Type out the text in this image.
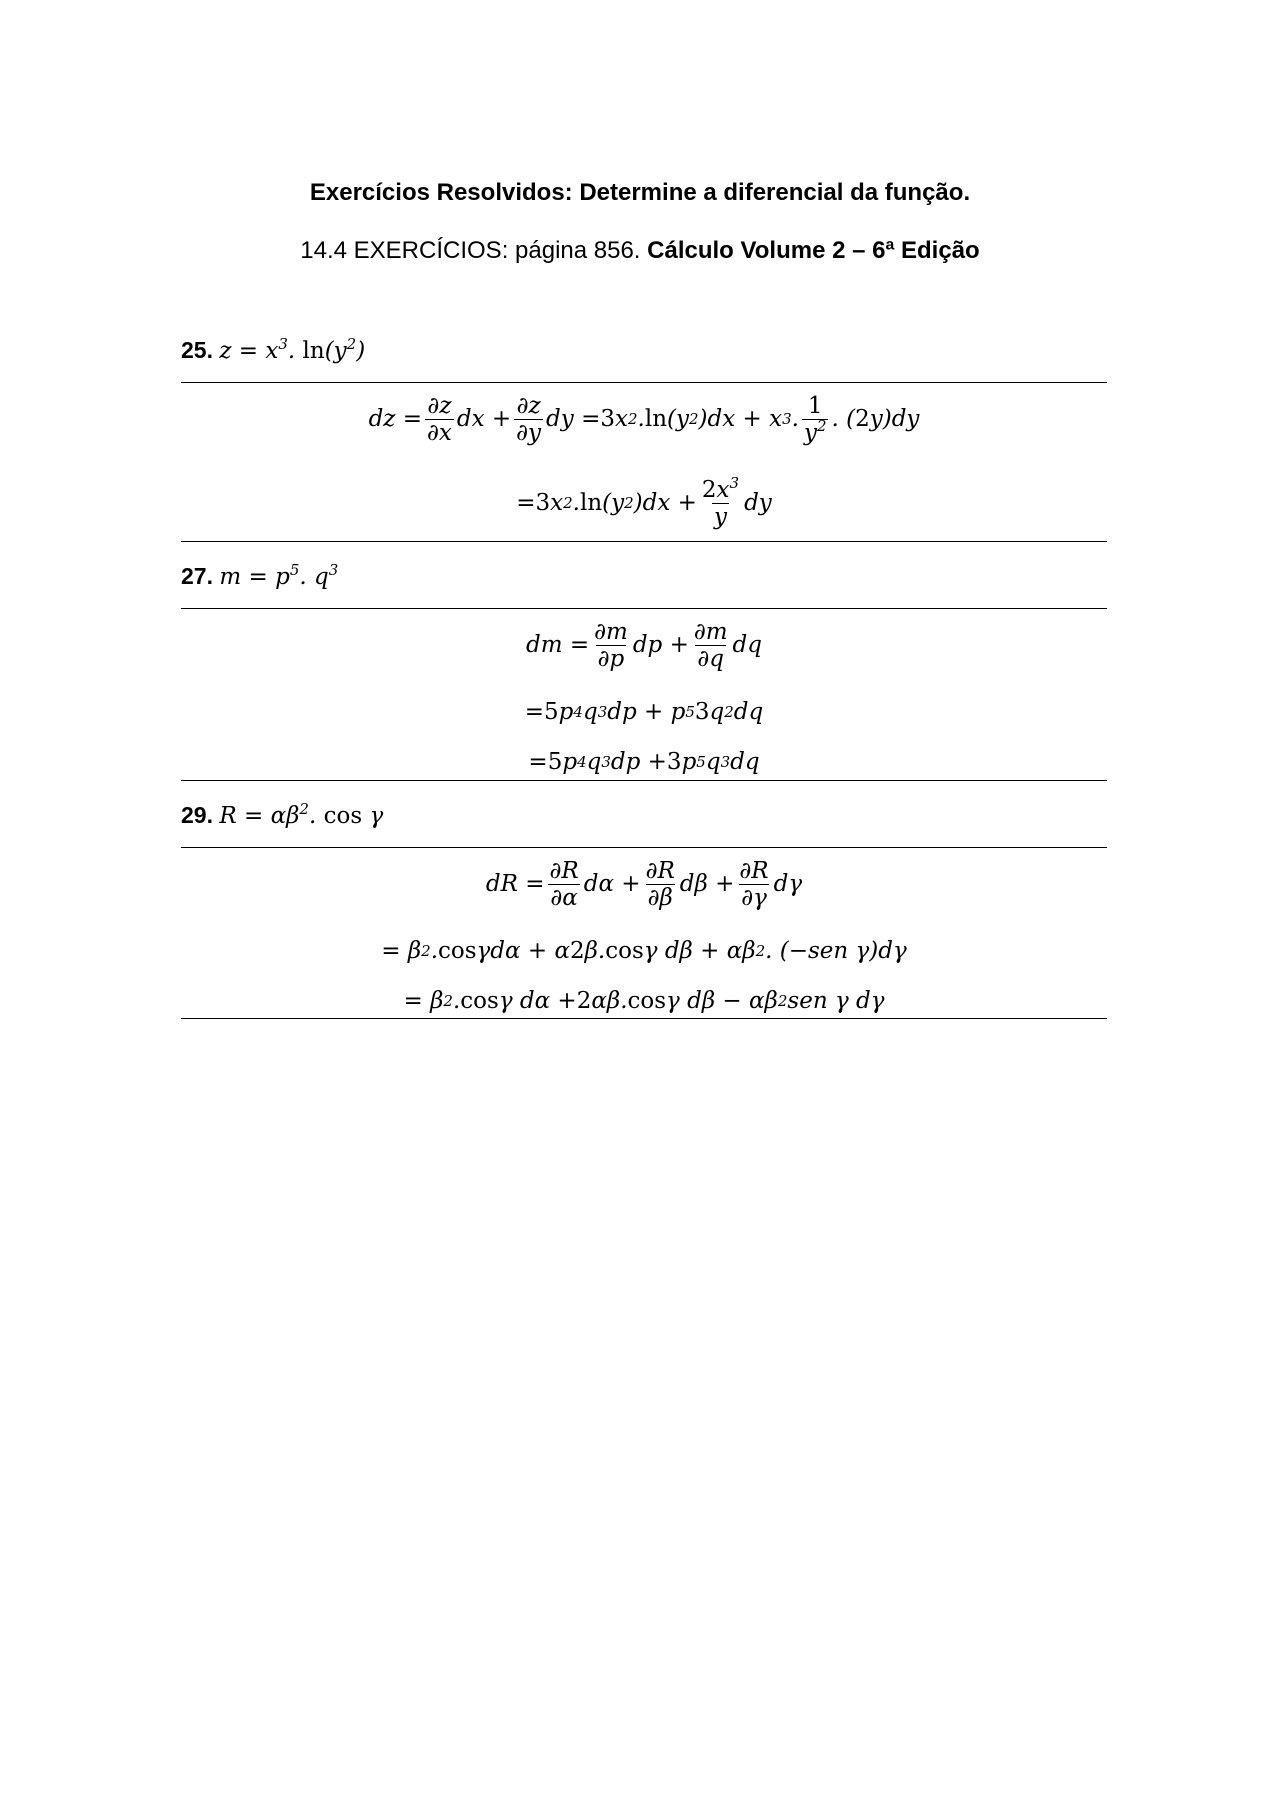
Exercícios Resolvidos: Determine a diferencial da função.
14.4 EXERCÍCIOS: página 856. Cálculo Volume 2 – 6ª Edição
25. $z = x^3$. $\ln(y^2)$
dz = $\frac{\partial z}{\partial x}$ dx + $\frac{\partial z}{\partial y}$ dy = 3 x 2 . ln (y 2 )dx + x 3 . $\frac{1}{y^2}$ . ( 2 y)dy
= 3 x 2 . ln (y 2 )$dx + \frac{2x^3}{y}$ dy
27. $m = p^5$. $q^3$
dm = $\frac{\partial m}{\partial p}$ dp + $\frac{\partial m}{\partial q}$ dq
= 5 p 4 q 3 dp + p 5 3 q 2 dq
= 5 p 4 q 3 dp + 3 p 5 q 3 dq
29. $R = \alpha\beta^2$. cos γ
dR = $\frac{\partial R}{\partial\alpha}$ $d\alpha + \frac{\partial R}{\partial\beta}$ $d\beta + \frac{\partial R}{\partial\gamma}$ dγ
= β 2 . cos γdα + α 2 β. cos γ dβ + αβ 2 . (−sen γ)dγ
= β 2 . cos γ dα + 2 αβ. cos γ dβ − αβ 2 sen γ dγ
